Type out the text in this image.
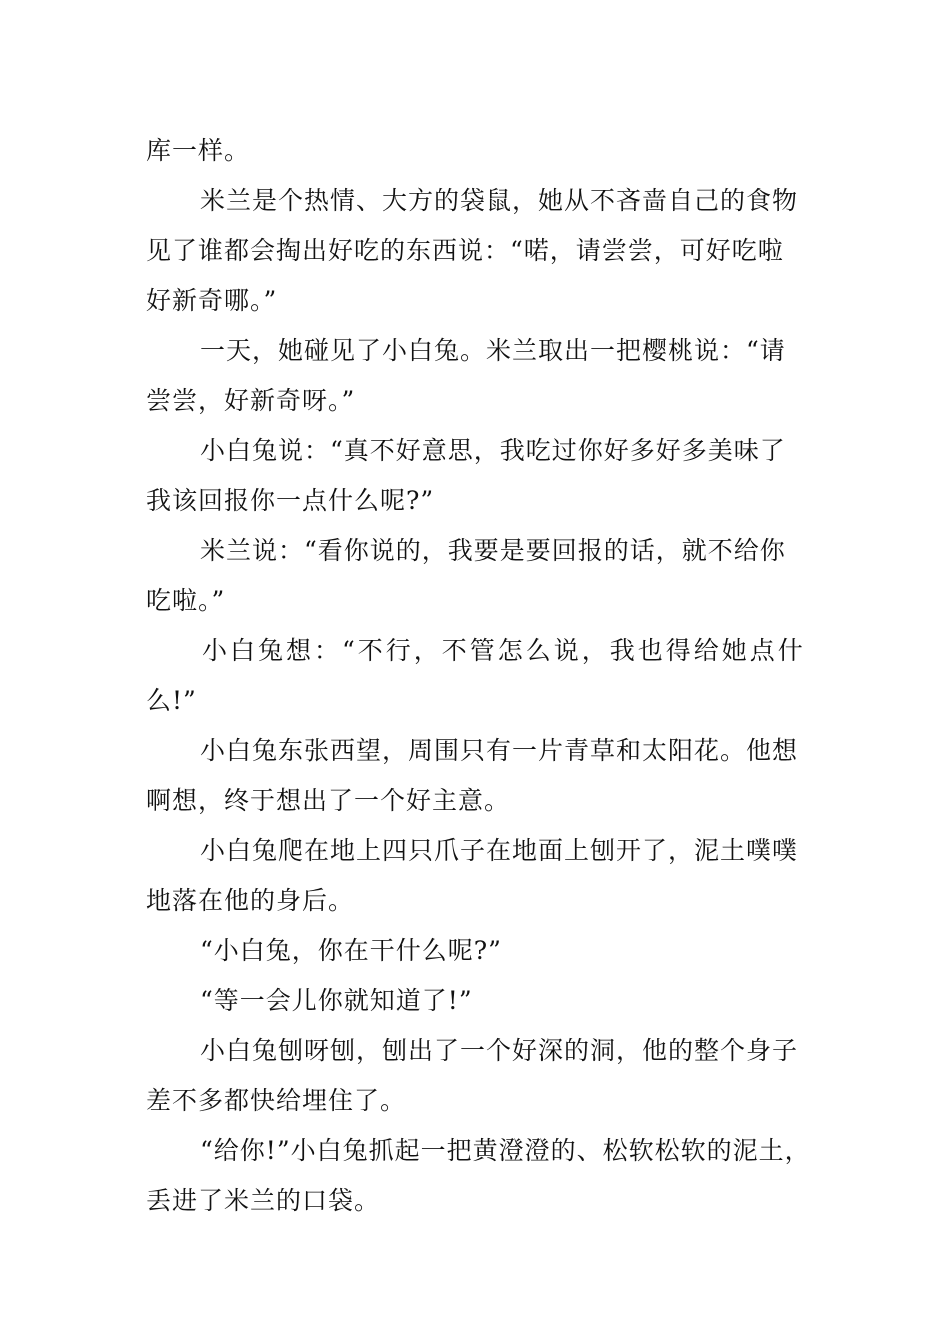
库一样。
米兰是个热情、大方的袋鼠，她从不吝啬自己的食物
见了谁都会掏出好吃的东西说：“喏，请尝尝，可好吃啦
好新奇哪。”
一天，她碰见了小白兔。米兰取出一把樱桃说：“请
尝尝，好新奇呀。”
小白兔说：“真不好意思，我吃过你好多好多美味了
我该回报你一点什么呢?”
米兰说：“看你说的，我要是要回报的话，就不给你
吃啦。”
小白兔想：“不行，不管怎么说，我也得给她点什
么!”
小白兔东张西望，周围只有一片青草和太阳花。他想
啊想，终于想出了一个好主意。
小白兔爬在地上四只爪子在地面上刨开了，泥土噗噗
地落在他的身后。
“小白兔，你在干什么呢?”
“等一会儿你就知道了!”
小白兔刨呀刨，刨出了一个好深的洞，他的整个身子
差不多都快给埋住了。
“给你!”小白兔抓起一把黄澄澄的、松软松软的泥土，
丢进了米兰的口袋。
